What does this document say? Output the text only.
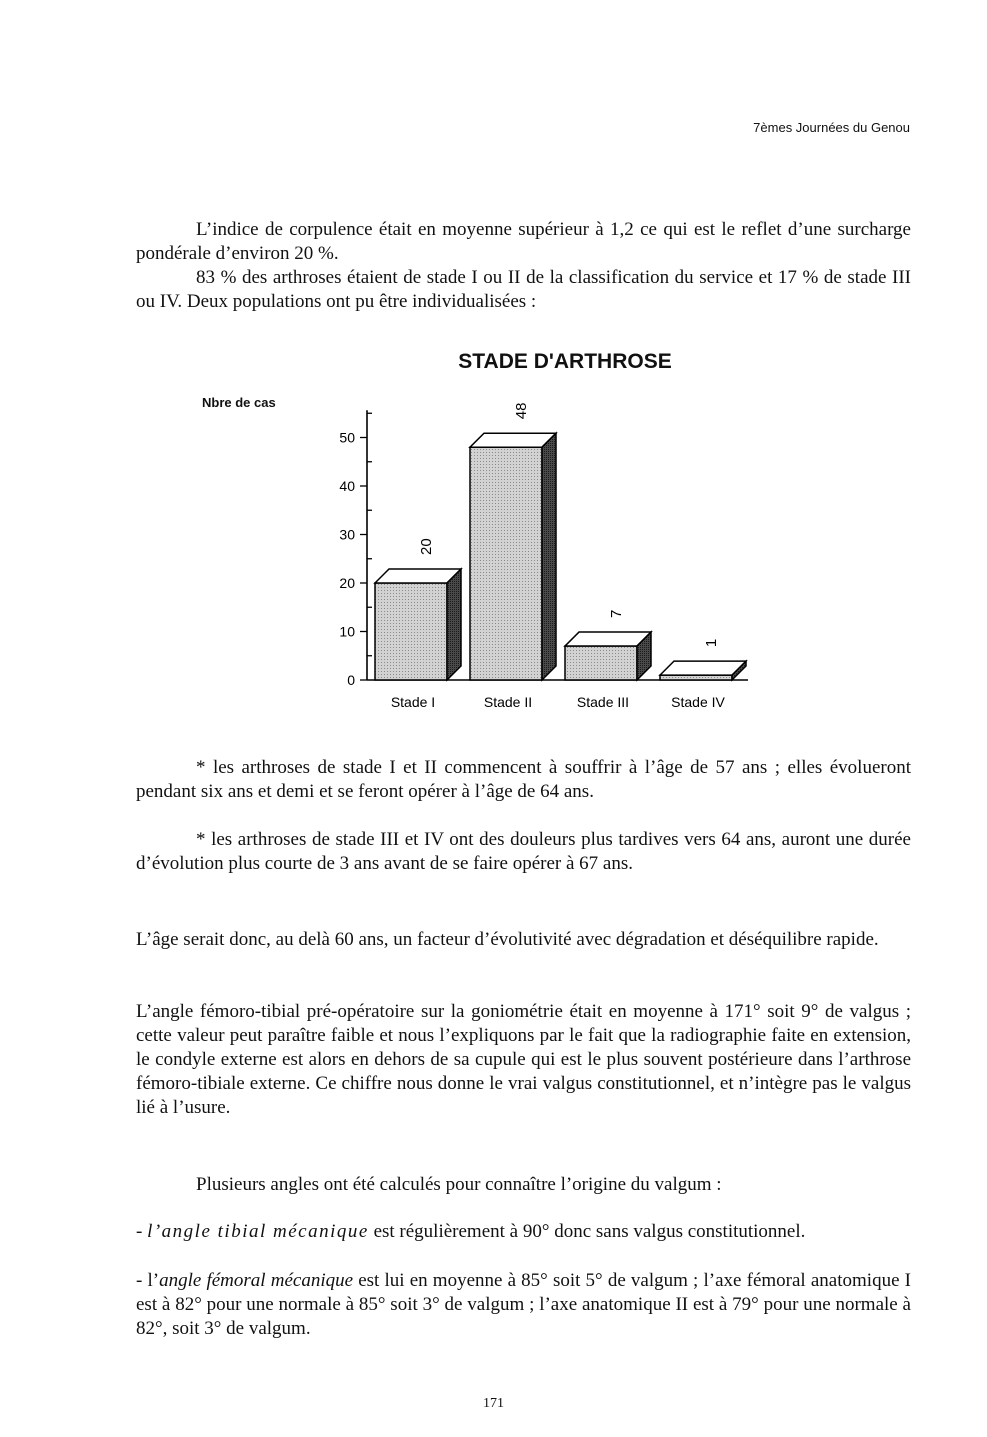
7èmes Journées du Genou

L’indice de corpulence était en moyenne supérieur à 1,2 ce qui est le reflet d’une surcharge pondérale d’environ 20 %.

83 % des arthroses étaient de stade I ou II de la classification du service et 17 % de stade III ou IV. Deux populations ont pu être individualisées :

STADE D'ARTHROSE
Nbre de cas
0
10
20
30
40
50
20
Stade I
48
Stade II
7
Stade III
1
Stade IV

* les arthroses de stade I et II commencent à souffrir à l’âge de 57 ans ; elles évolueront pendant six ans et demi et se feront opérer à l’âge de 64 ans.

* les arthroses de stade III et IV ont des douleurs plus tardives vers 64 ans, auront une durée d’évolution plus courte de 3 ans avant de se faire opérer à 67 ans.

L’âge serait donc, au delà 60 ans, un facteur d’évolutivité avec dégradation et déséquilibre rapide.

L’angle fémoro-tibial pré-opératoire sur la goniométrie était en moyenne à 171° soit 9° de valgus ; cette valeur peut paraître faible et nous l’expliquons par le fait que la radiographie faite en extension, le condyle externe est alors en dehors de sa cupule qui est le plus souvent postérieure dans l’arthrose fémoro-tibiale externe. Ce chiffre nous donne le vrai valgus constitutionnel, et n’intègre pas le valgus lié à l’usure.

Plusieurs angles ont été calculés pour connaître l’origine du valgum :

- l’angle tibial mécanique est régulièrement à 90° donc sans valgus constitutionnel.

- l’angle fémoral mécanique est lui en moyenne à 85° soit 5° de valgum ; l’axe fémoral anatomique I est à 82° pour une normale à 85° soit 3° de valgum ; l’axe anatomique II est à 79° pour une normale à 82°, soit 3° de valgum.

171
